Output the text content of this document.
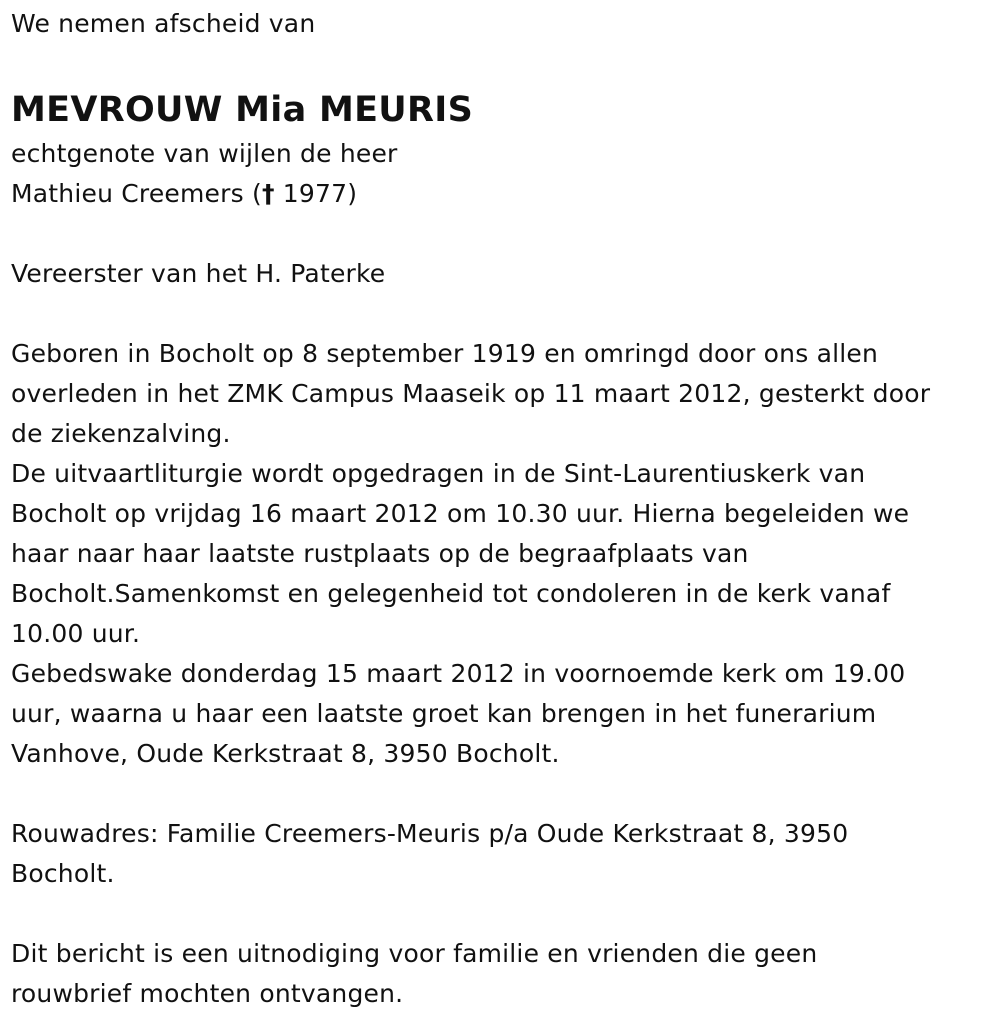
We nemen afscheid van
MEVROUW Mia MEURIS
echtgenote van wijlen de heer
Mathieu Creemers († 1977)
Vereerster van het H. Paterke
Geboren in Bocholt op 8 september 1919 en omringd door ons allen
overleden in het ZMK Campus Maaseik op 11 maart 2012, gesterkt door
de ziekenzalving.
De uitvaartliturgie wordt opgedragen in de Sint-Laurentiuskerk van
Bocholt op vrijdag 16 maart 2012 om 10.30 uur. Hierna begeleiden we
haar naar haar laatste rustplaats op de begraafplaats van
Bocholt.Samenkomst en gelegenheid tot condoleren in de kerk vanaf
10.00 uur.
Gebedswake donderdag 15 maart 2012 in voornoemde kerk om 19.00
uur, waarna u haar een laatste groet kan brengen in het funerarium
Vanhove, Oude Kerkstraat 8, 3950 Bocholt.
Rouwadres: Familie Creemers-Meuris p/a Oude Kerkstraat 8, 3950
Bocholt.
Dit bericht is een uitnodiging voor familie en vrienden die geen
rouwbrief mochten ontvangen.
